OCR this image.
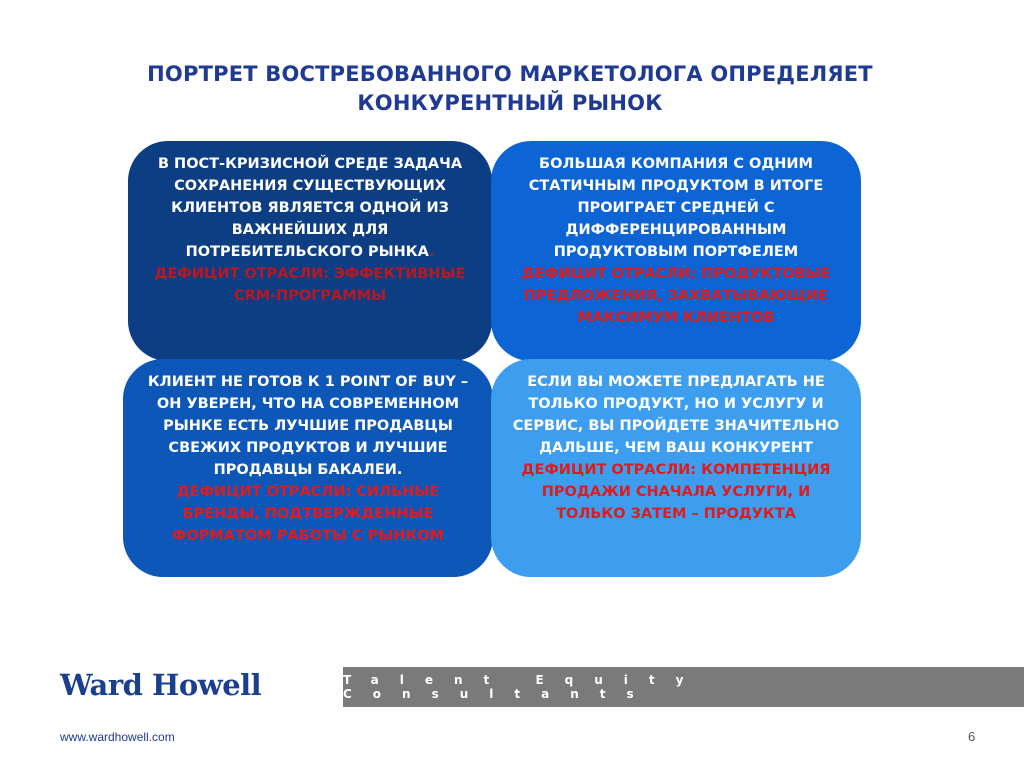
ПОРТРЕТ ВОСТРЕБОВАННОГО МАРКЕТОЛОГА ОПРЕДЕЛЯЕТ
КОНКУРЕНТНЫЙ РЫНОК
В ПОСТ-КРИЗИСНОЙ СРЕДЕ ЗАДАЧА СОХРАНЕНИЯ СУЩЕСТВУЮЩИХ КЛИЕНТОВ ЯВЛЯЕТСЯ ОДНОЙ ИЗ ВАЖНЕЙШИХ ДЛЯ ПОТРЕБИТЕЛЬСКОГО РЫНКА.
ДЕФИЦИТ ОТРАСЛИ: ЭФФЕКТИВНЫЕ CRM-ПРОГРАММЫ
БОЛЬШАЯ КОМПАНИЯ С ОДНИМ СТАТИЧНЫМ ПРОДУКТОМ В ИТОГЕ ПРОИГРАЕТ СРЕДНЕЙ С ДИФФЕРЕНЦИРОВАННЫМ ПРОДУКТОВЫМ ПОРТФЕЛЕМ
ДЕФИЦИТ ОТРАСЛИ: ПРОДУКТОВЫЕ ПРЕДЛОЖЕНИЯ, ЗАХВАТЫВАЮЩИЕ МАКСИМУМ КЛИЕНТОВ
КЛИЕНТ НЕ ГОТОВ К 1 POINT OF BUY – ОН УВЕРЕН, ЧТО НА СОВРЕМЕННОМ РЫНКЕ ЕСТЬ ЛУЧШИЕ ПРОДАВЦЫ СВЕЖИХ ПРОДУКТОВ И ЛУЧШИЕ ПРОДАВЦЫ БАКАЛЕИ.
ДЕФИЦИТ ОТРАСЛИ: СИЛЬНЫЕ БРЕНДЫ, ПОДТВЕРЖДЕННЫЕ ФОРМАТОМ РАБОТЫ С РЫНКОМ
ЕСЛИ ВЫ МОЖЕТЕ ПРЕДЛАГАТЬ НЕ ТОЛЬКО ПРОДУКТ, НО И УСЛУГУ И СЕРВИС, ВЫ ПРОЙДЕТЕ ЗНАЧИТЕЛЬНО ДАЛЬШЕ, ЧЕМ ВАШ КОНКУРЕНТ
ДЕФИЦИТ ОТРАСЛИ: КОМПЕТЕНЦИЯ ПРОДАЖИ СНАЧАЛА УСЛУГИ, И ТОЛЬКО ЗАТЕМ – ПРОДУКТА
Ward Howell	Talent Equity Consultants
www.wardhowell.com	6
